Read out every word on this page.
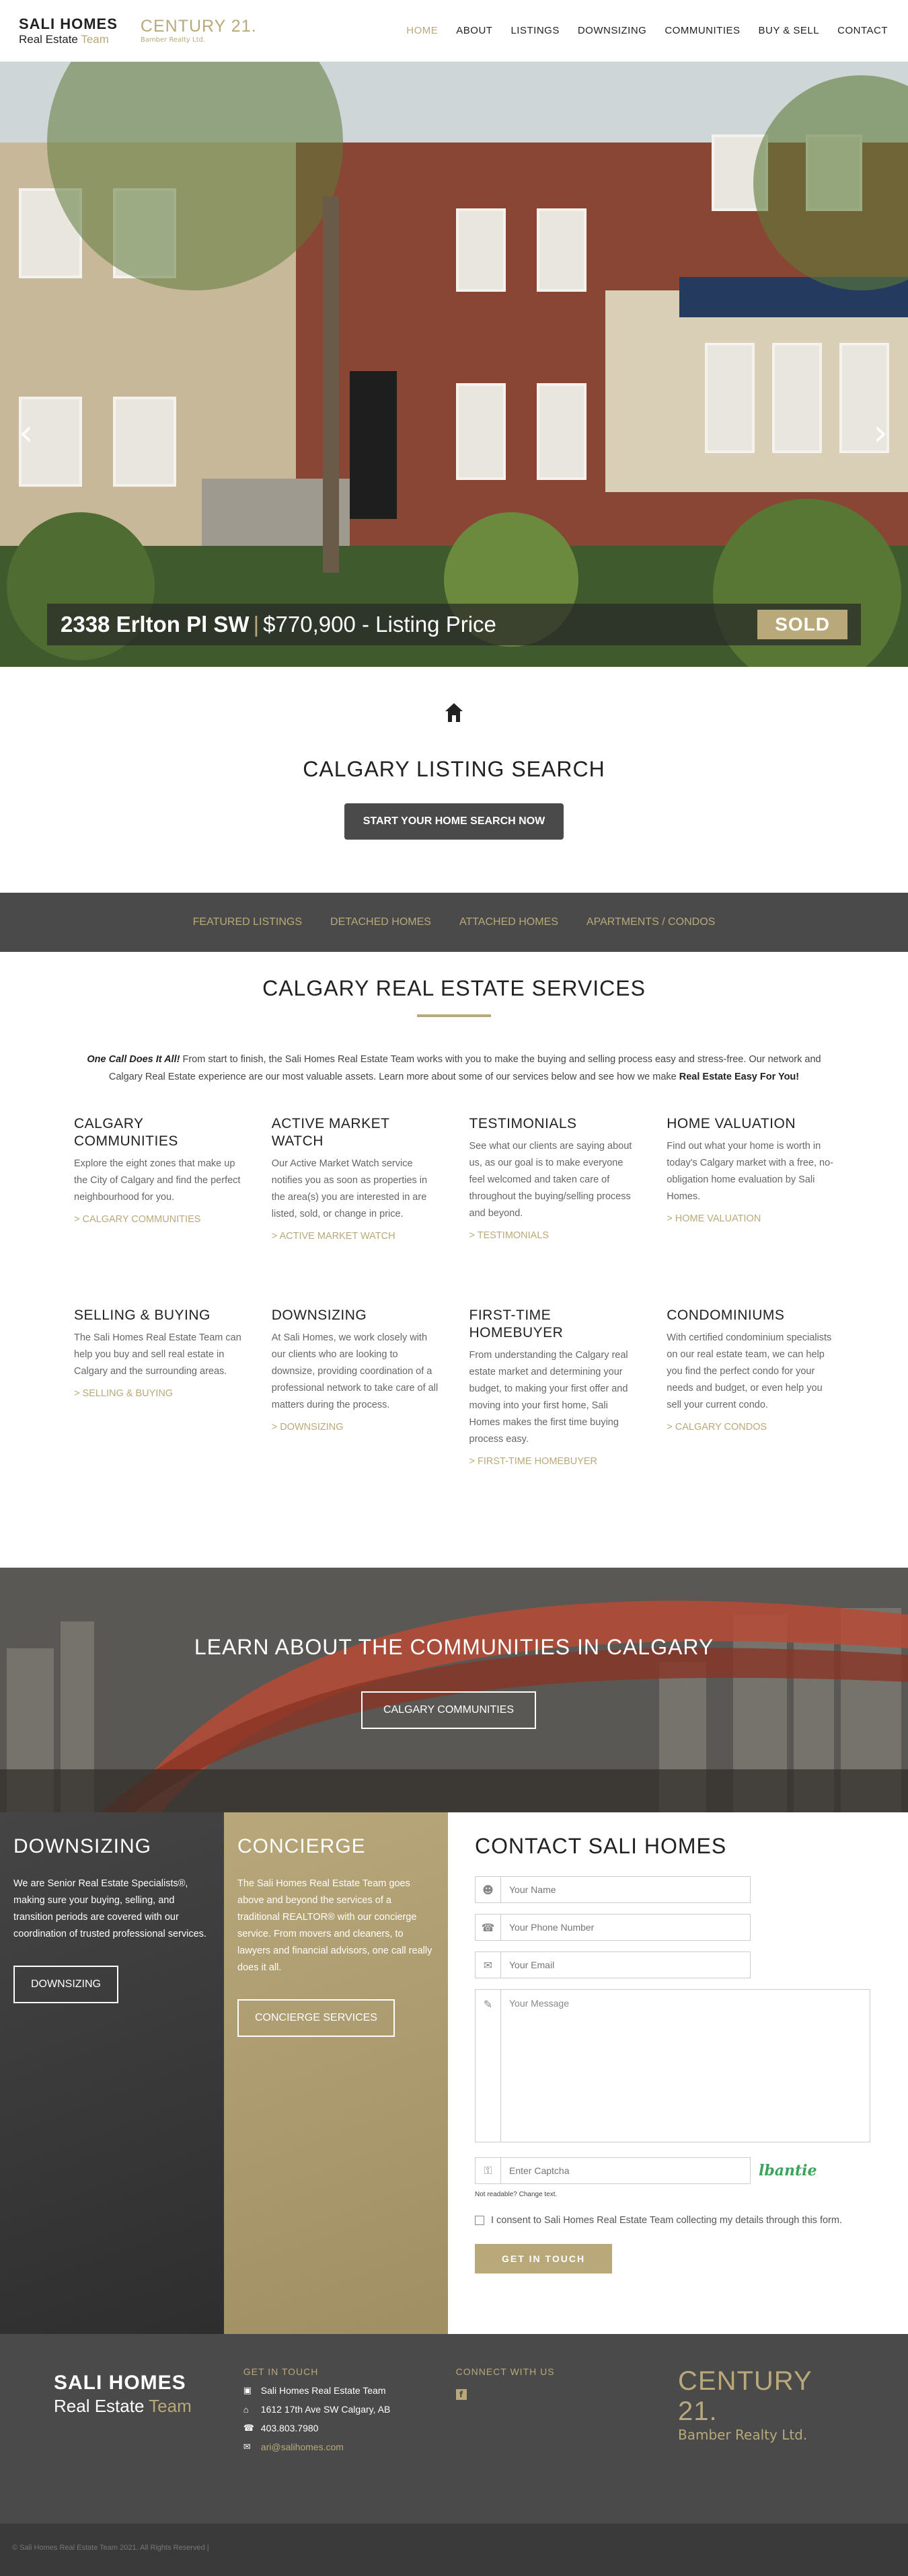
SALI HOMES
Real Estate Team
CENTURY 21.
Bamber Realty Ltd.
HOME ABOUT LISTINGS DOWNSIZING COMMUNITIES BUY & SELL CONTACT
‹	›
2338 Erlton Pl SW | $770,900 - Listing Price	SOLD
CALGARY LISTING SEARCH
START YOUR HOME SEARCH NOW
FEATURED LISTINGS	DETACHED HOMES	ATTACHED HOMES	APARTMENTS / CONDOS
CALGARY REAL ESTATE SERVICES

One Call Does It All! From start to finish, the Sali Homes Real Estate Team works with you to make the buying and selling process easy and stress-free. Our network and Calgary Real Estate experience are our most valuable assets. Learn more about some of our services below and see how we make Real Estate Easy For You!

CALGARY COMMUNITIES

Explore the eight zones that make up the City of Calgary and find the perfect neighbourhood for you.

> CALGARY COMMUNITIES
ACTIVE MARKET WATCH

Our Active Market Watch service notifies you as soon as properties in the area(s) you are interested in are listed, sold, or change in price.

> ACTIVE MARKET WATCH
TESTIMONIALS

See what our clients are saying about us, as our goal is to make everyone feel welcomed and taken care of throughout the buying/selling process and beyond.

> TESTIMONIALS
HOME VALUATION

Find out what your home is worth in today's Calgary market with a free, no-obligation home evaluation by Sali Homes.

> HOME VALUATION
SELLING & BUYING

The Sali Homes Real Estate Team can help you buy and sell real estate in Calgary and the surrounding areas.

> SELLING & BUYING
DOWNSIZING

At Sali Homes, we work closely with our clients who are looking to downsize, providing coordination of a professional network to take care of all matters during the process.

> DOWNSIZING
FIRST-TIME HOMEBUYER

From understanding the Calgary real estate market and determining your budget, to making your first offer and moving into your first home, Sali Homes makes the first time buying process easy.

> FIRST-TIME HOMEBUYER
CONDOMINIUMS

With certified condominium specialists on our real estate team, we can help you find the perfect condo for your needs and budget, or even help you sell your current condo.

> CALGARY CONDOS
LEARN ABOUT THE COMMUNITIES IN CALGARY
CALGARY COMMUNITIES
DOWNSIZING

We are Senior Real Estate Specialists®, making sure your buying, selling, and transition periods are covered with our coordination of trusted professional services.

DOWNSIZING
CONCIERGE

The Sali Homes Real Estate Team goes above and beyond the services of a traditional REALTOR® with our concierge service. From movers and cleaners, to lawyers and financial advisors, one call really does it all.

CONCIERGE SERVICES
CONTACT SALI HOMES
☻
Your Name
☎
Your Phone Number
✉
Your Email
✎	Your Message
⚿
Enter Captcha	lbantie

Not readable? Change text.

I consent to Sali Homes Real Estate Team collecting my details through this form.
GET IN TOUCH
SALI HOMES
Real Estate Team
GET IN TOUCH
▣ Sali Homes Real Estate Team
⌂	1612 17th Ave SW Calgary, AB
☎ 403.803.7980
✉	ari@salihomes.com
CONNECT WITH US
f	CENTURY 21.
Bamber Realty Ltd.
© Sali Homes Real Estate Team 2021. All Rights Reserved |
